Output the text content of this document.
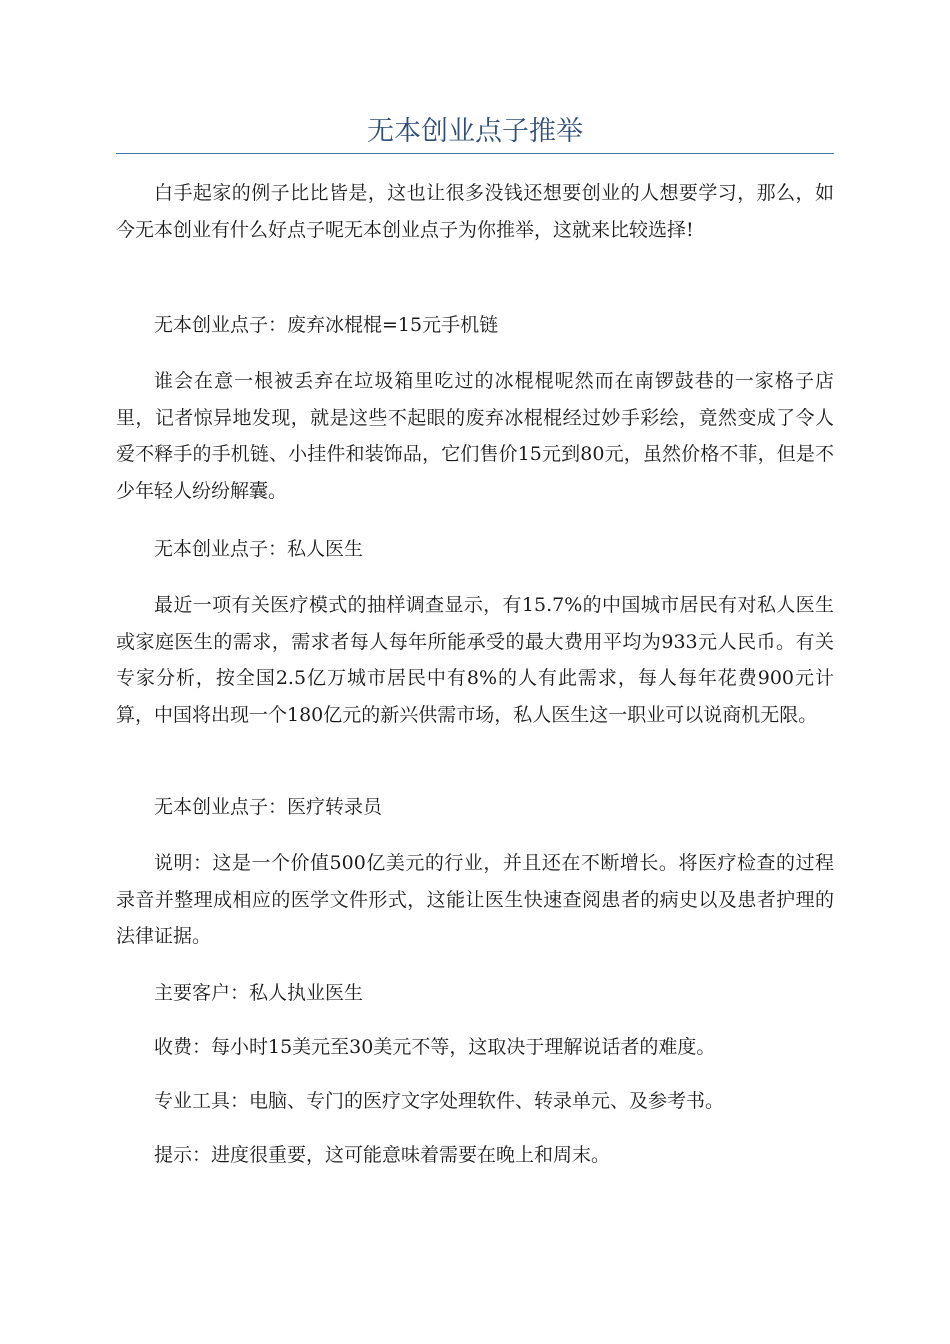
无本创业点子推举

白手起家的例子比比皆是，这也让很多没钱还想要创业的人想要学习，那么，如今无本创业有什么好点子呢无本创业点子为你推举，这就来比较选择!

无本创业点子：废弃冰棍棍=15元手机链

谁会在意一根被丢弃在垃圾箱里吃过的冰棍棍呢然而在南锣鼓巷的一家格子店里，记者惊异地发现，就是这些不起眼的废弃冰棍棍经过妙手彩绘，竟然变成了令人爱不释手的手机链、小挂件和装饰品，它们售价15元到80元，虽然价格不菲，但是不少年轻人纷纷解囊。

无本创业点子：私人医生

最近一项有关医疗模式的抽样调查显示，有15.7%的中国城市居民有对私人医生或家庭医生的需求，需求者每人每年所能承受的最大费用平均为933元人民币。有关专家分析，按全国2.5亿万城市居民中有8%的人有此需求，每人每年花费900元计算，中国将出现一个180亿元的新兴供需市场，私人医生这一职业可以说商机无限。

无本创业点子：医疗转录员

说明：这是一个价值500亿美元的行业，并且还在不断增长。将医疗检查的过程录音并整理成相应的医学文件形式，这能让医生快速查阅患者的病史以及患者护理的法律证据。

主要客户：私人执业医生

收费：每小时15美元至30美元不等，这取决于理解说话者的难度。

专业工具：电脑、专门的医疗文字处理软件、转录单元、及参考书。

提示：进度很重要，这可能意味着需要在晚上和周末。
